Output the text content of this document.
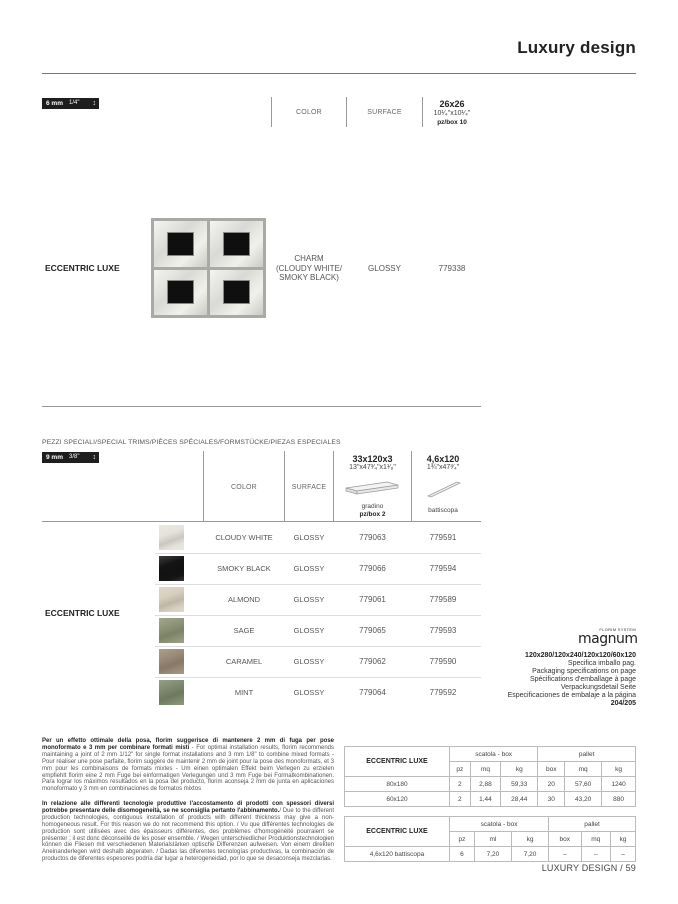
Luxury design
6 mm 1/4" ↕
COLOR	SURFACE
26x26
10¹⁄₄"x10¹⁄₄"
pz/box 10
ECCENTRIC LUXE
CHARM
(CLOUDY WHITE/
SMOKY BLACK)
GLOSSY	779338
PEZZI SPECIALI/SPECIAL TRIMS/PIÈCES SPÉCIALES/FORMSTÜCKE/PIEZAS ESPECIALES
9 mm 3/8" ↕
COLOR	SURFACE
33x120x3
13"x47³⁄₄"x1¹⁄₈"
gradino
pz/box 2
4,6x120
1¾"x47³⁄₄"
battiscopa
ECCENTRIC LUXE
CLOUDY WHITE	GLOSSY	779063	779591
SMOKY BLACK	GLOSSY	779066	779594
ALMOND	GLOSSY	779061	779589
SAGE	GLOSSY	779065	779593
CARAMEL	GLOSSY	779062	779590
MINT	GLOSSY	779064	779592
FLORIM SYSTEM
magnum
120x280/120x240/120x120/60x120
Specifica imballo pag.
Packaging specifications on page
Spécifications d'emballage à page
Verpackungsdetail Seite
Especificaciones de embalaje a la página
204/205
Per un effetto ottimale della posa, florim suggerisce di mantenere 2 mm di fuga per pose monoformato e 3 mm per combinare formati misti - For optimal installation results, florim recommends maintaining a joint of 2 mm 1/12" for single format installations and 3 mm 1/8" to combine mixed formats - Pour réaliser une pose parfaite, florim suggère de maintenir 2 mm de joint pour la pose des monoformats, et 3 mm pour les combinaisons de formats mixtes - Um einen optimalen Effekt beim Verlegen zu erzielen empfiehlt florim eine 2 mm Fuge bei einformatigen Verlegungen und 3 mm Fuge bei Formatkombinationen. Para lograr los máximos resultados en la posa del producto, florim aconseja 2 mm de junta en aplicaciones monoformato y 3 mm en combinaciones de formatos mixtos
In relazione alle differenti tecnologie produttive l'accostamento di prodotti con spessori diversi potrebbe presentare delle disomogeneità, se ne sconsiglia pertanto l'abbinamento./ Due to the different production technologies, contiguous installation of products with different thickness may give a non-homogeneous result. For this reason we do not recommend this option. / Vu que différentes technologies de production sont utilisées avec des épaisseurs différentes, des problèmes d'homogénéité pourraient se présenter ; il est donc déconseillé de les poser ensemble. / Wegen unterschiedlicher Produktionstechnologien können die Fliesen mit verschiedenen Materialstärken optische Differenzen aufweisen. Von einem direkten Aneinanderlegen wird deshalb abgeraten. / Dadas las diferentes tecnologías productivas, la combinación de productos de diferentes espesores podría dar lugar a heterogeneidad, por lo que se desaconseja mezclarlas.
ECCENTRIC LUXE	scatola - box			pallet		
	pz	mq	kg	box	mq	kg
80x180	2	2,88	59,33	20	57,60	1240
60x120	2	1,44	28,44	30	43,20	880
ECCENTRIC LUXE	scatola - box			pallet		
	pz	ml	kg	box	mq	kg
4,6x120 battiscopa	6	7,20	7,20	–	–	–
LUXURY DESIGN / 59
